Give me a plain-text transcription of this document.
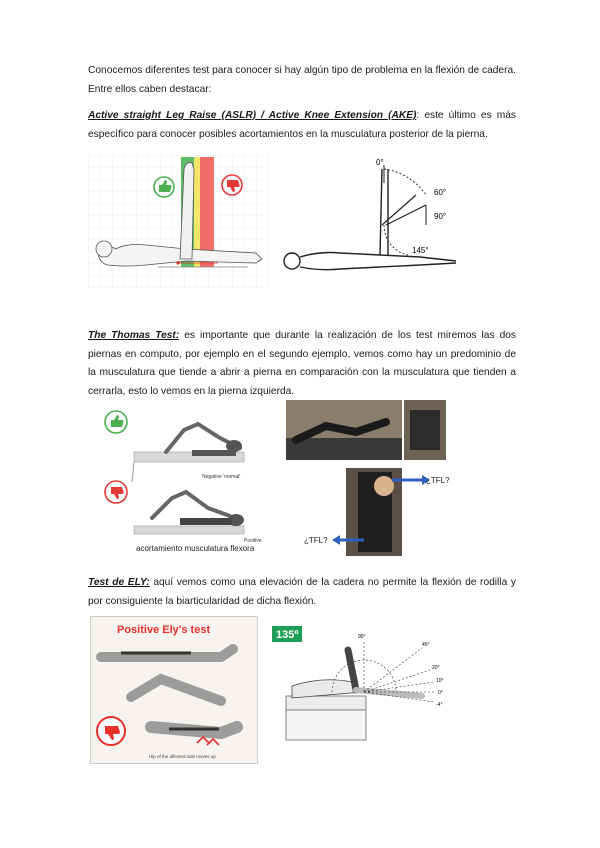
Conocemos diferentes test para conocer si hay algún tipo de problema en la flexión de cadera. Entre ellos caben destacar:

Active straight Leg Raise (ASLR) / Active Knee Extension (AKE): este último es más específico para conocer posibles acortamientos en la musculatura posterior de la pierna.

0°
60°
90°
145°

The Thomas Test: es importante que durante la realización de los test miremos las dos piernas en computo, por ejemplo en el segundo ejemplo, vemos como hay un predominio de la musculatura que tiende a abrir a pierna en comparación con la musculatura que tienden a cerrarla, esto lo vemos en la pierna izquierda.

Negative 'normal'
Positive
acortamiento musculatura flexora
¿TFL?
¿TFL?

Test de ELY: aquí vemos como una elevación de la cadera no permite la flexión de rodilla y por consiguiente la biarticularidad de dicha flexión.

Positive Ely's test
Hip of the affected side moves up
135º	90°
45°
20°
10°
0°
-4°
